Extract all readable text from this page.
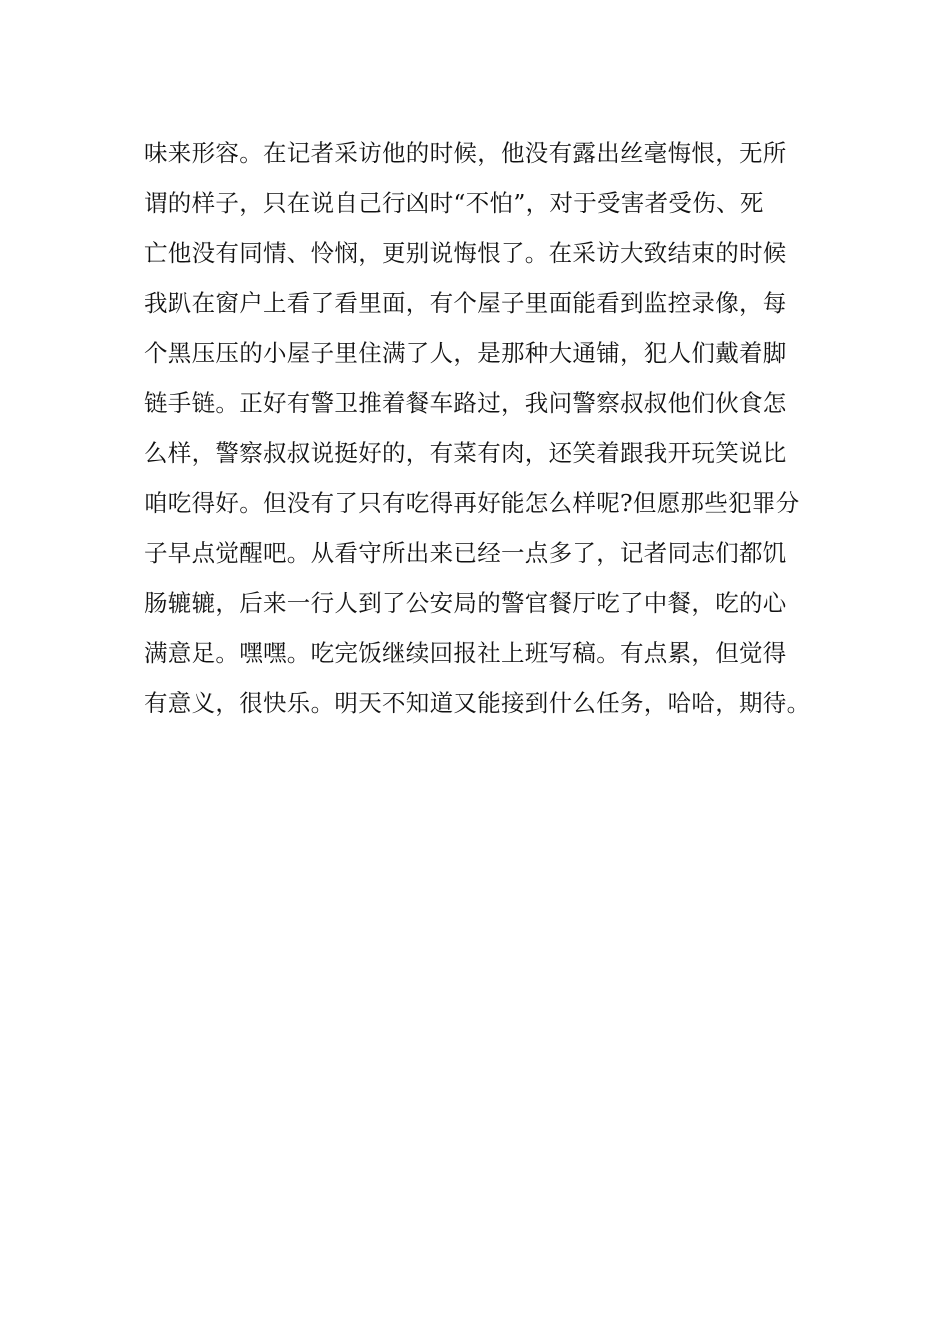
味来形容。在记者采访他的时候，他没有露出丝毫悔恨，无所
谓的样子，只在说自己行凶时“不怕”，对于受害者受伤、死
亡他没有同情、怜悯，更别说悔恨了。在采访大致结束的时候
我趴在窗户上看了看里面，有个屋子里面能看到监控录像，每
个黑压压的小屋子里住满了人，是那种大通铺，犯人们戴着脚
链手链。正好有警卫推着餐车路过，我问警察叔叔他们伙食怎
么样，警察叔叔说挺好的，有菜有肉，还笑着跟我开玩笑说比
咱吃得好。但没有了只有吃得再好能怎么样呢?但愿那些犯罪分
子早点觉醒吧。从看守所出来已经一点多了，记者同志们都饥
肠辘辘，后来一行人到了公安局的警官餐厅吃了中餐，吃的心
满意足。嘿嘿。吃完饭继续回报社上班写稿。有点累，但觉得
有意义，很快乐。明天不知道又能接到什么任务，哈哈，期待。
